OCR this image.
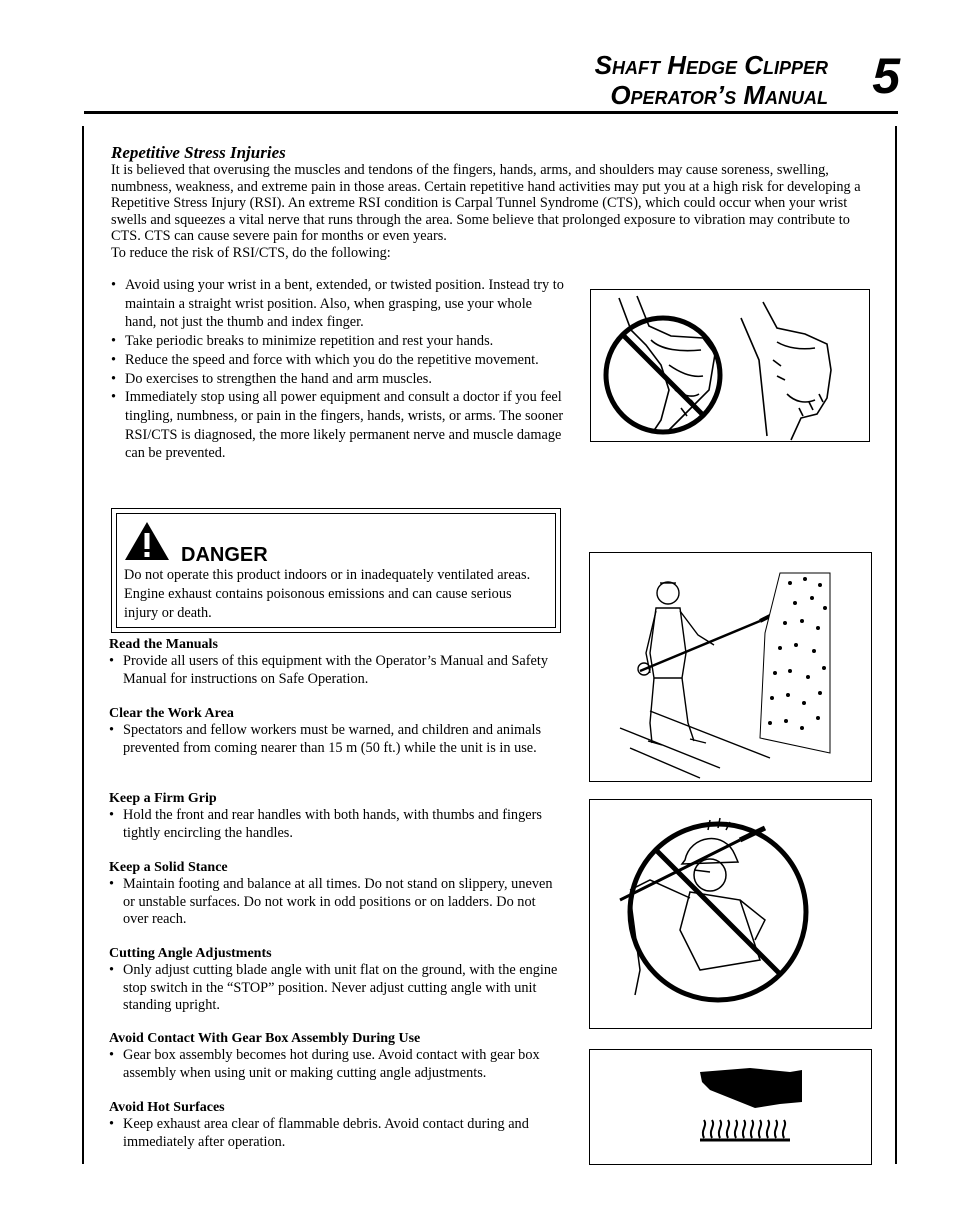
Shaft Hedge Clipper
Operator’s Manual 5
Repetitive Stress Injuries

It is believed that overusing the muscles and tendons of the fingers, hands, arms, and shoulders may cause soreness, swelling, numbness, weakness, and extreme pain in those areas. Certain repetitive hand activities may put you at a high risk for developing a Repetitive Stress Injury (RSI). An extreme RSI condition is Carpal Tunnel Syndrome (CTS), which could occur when your wrist swells and squeezes a vital nerve that runs through the area. Some believe that prolonged exposure to vibration may contribute to CTS. CTS can cause severe pain for months or even years.

To reduce the risk of RSI/CTS, do the following:

• Avoid using your wrist in a bent, extended, or twisted position. Instead try to maintain a straight wrist position. Also, when grasping, use your whole hand, not just the thumb and index finger.
• Take periodic breaks to minimize repetition and rest your hands.
• Reduce the speed and force with which you do the repetitive movement.
• Do exercises to strengthen the hand and arm muscles.
• Immediately stop using all power equipment and consult a doctor if you feel tingling, numbness, or pain in the fingers, hands, wrists, or arms. The sooner RSI/CTS is diagnosed, the more likely permanent nerve and muscle damage can be prevented.
DANGER
Do not operate this product indoors or in inadequately ventilated areas. Engine exhaust contains poisonous emissions and can cause serious injury or death.
Read the Manuals
• Provide all users of this equipment with the Operator’s Manual and Safety Manual for instructions on Safe Operation.
Clear the Work Area
• Spectators and fellow workers must be warned, and children and animals prevented from coming nearer than 15 m (50 ft.) while the unit is in use.
Keep a Firm Grip
• Hold the front and rear handles with both hands, with thumbs and fingers tightly encircling the handles.
Keep a Solid Stance
• Maintain footing and balance at all times. Do not stand on slippery, uneven or unstable surfaces. Do not work in odd positions or on ladders. Do not over reach.
Cutting Angle Adjustments
• Only adjust cutting blade angle with unit flat on the ground, with the engine stop switch in the “STOP” position. Never adjust cutting angle with unit standing upright.
Avoid Contact With Gear Box Assembly During Use
• Gear box assembly becomes hot during use. Avoid contact with gear box assembly when using unit or making cutting angle adjustments.
Avoid Hot Surfaces
• Keep exhaust area clear of flammable debris. Avoid contact during and immediately after operation.
